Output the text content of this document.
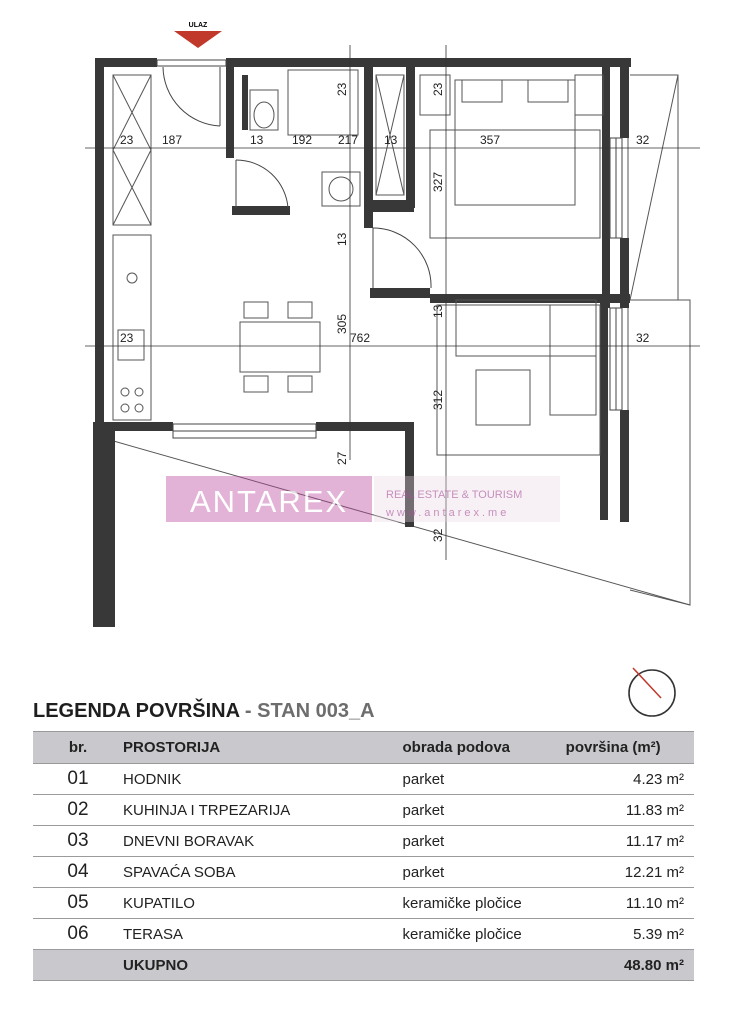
ULAZ
23 187	13 192 217 13	357	32
23	23
327
13
305
13
762
23	32
312
27
32
ANTAREX	REAL ESTATE & TOURISM
www.antarex.me
LEGENDA POVRŠINA - STAN 003_A
br.	PROSTORIJA	obrada podova	površina (m²)
01	HODNIK	parket	4.23 m²
02	KUHINJA I TRPEZARIJA	parket	11.83 m²
03	DNEVNI BORAVAK	parket	11.17 m²
04	SPAVAĆA SOBA	parket	12.21 m²
05	KUPATILO	keramičke pločice	11.10 m²
06	TERASA	keramičke pločice	5.39 m²
	UKUPNO		48.80 m²
